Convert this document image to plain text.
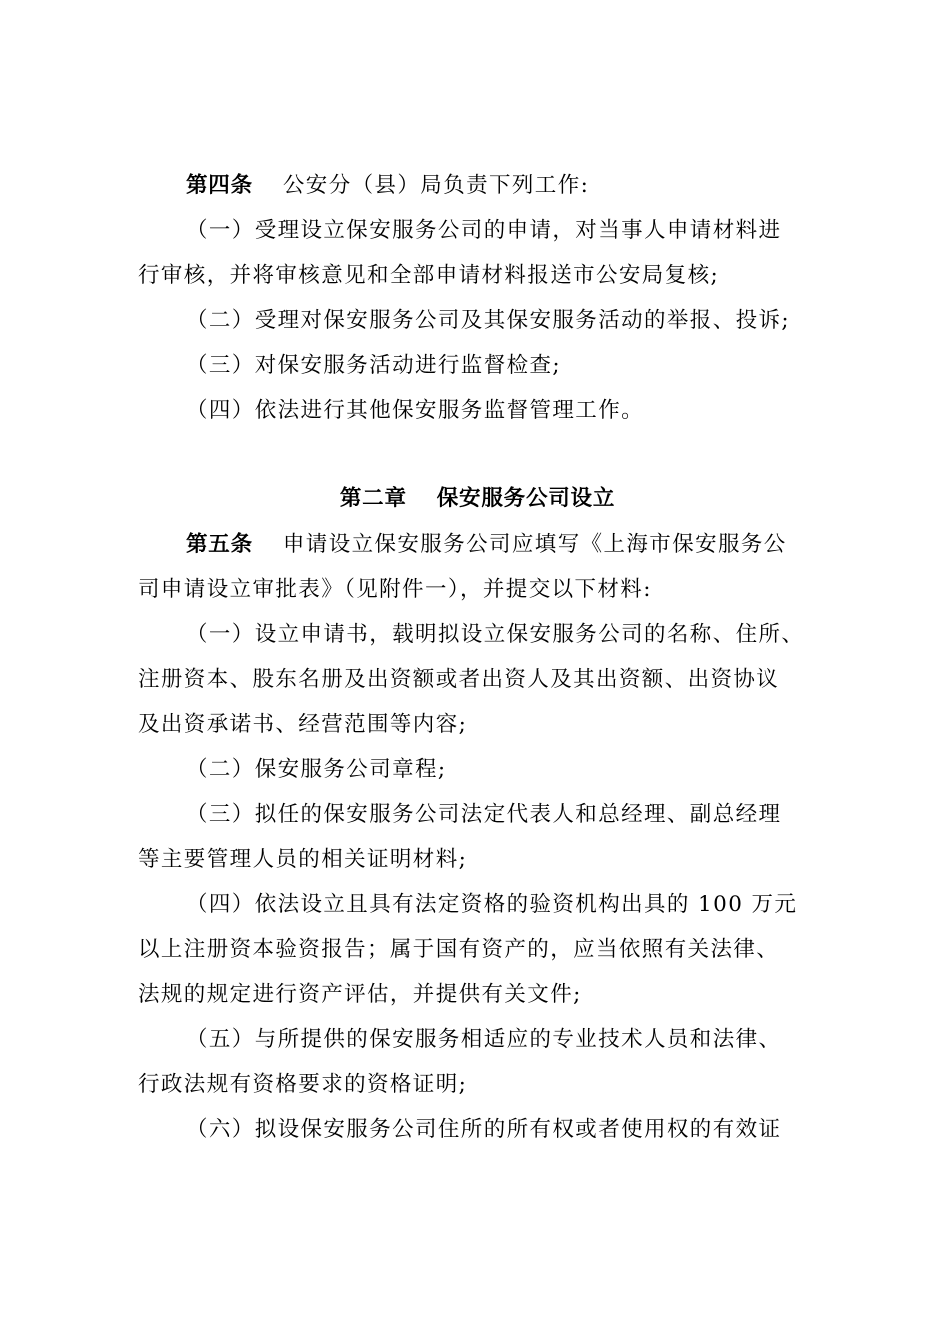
第四条 公安分（县）局负责下列工作:
（一）受理设立保安服务公司的申请，对当事人申请材料进
行审核，并将审核意见和全部申请材料报送市公安局复核;
（二）受理对保安服务公司及其保安服务活动的举报、投诉;
（三）对保安服务活动进行监督检查;
（四）依法进行其他保安服务监督管理工作。
第二章 保安服务公司设立
第五条 申请设立保安服务公司应填写《上海市保安服务公
司申请设立审批表》（见附件一），并提交以下材料:
（一）设立申请书，载明拟设立保安服务公司的名称、住所、
注册资本、股东名册及出资额或者出资人及其出资额、出资协议
及出资承诺书、经营范围等内容;
（二）保安服务公司章程;
（三）拟任的保安服务公司法定代表人和总经理、副总经理
等主要管理人员的相关证明材料;
（四）依法设立且具有法定资格的验资机构出具的 100 万元
以上注册资本验资报告；属于国有资产的，应当依照有关法律、
法规的规定进行资产评估，并提供有关文件;
（五）与所提供的保安服务相适应的专业技术人员和法律、
行政法规有资格要求的资格证明;
（六）拟设保安服务公司住所的所有权或者使用权的有效证
